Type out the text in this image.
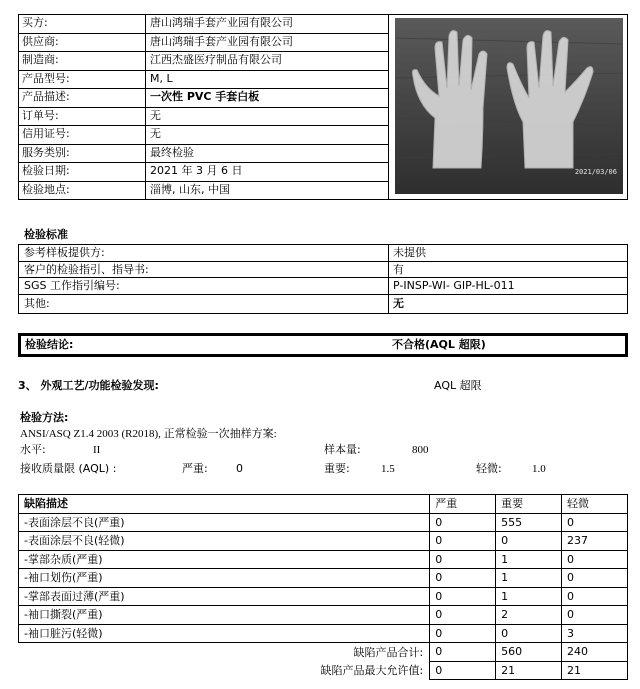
买方:	唐山鸿瑞手套产业园有限公司
供应商:	唐山鸿瑞手套产业园有限公司
制造商:	江西杰盛医疗制品有限公司
产品型号:	M, L
产品描述:	一次性 PVC 手套白板
订单号:	无
信用证号:	无
服务类别:	最终检验
检验日期:	2021 年 3 月 6 日
检验地点:	淄博, 山东, 中国
2021/03/06
检验标准
参考样板提供方:	未提供
客户的检验指引、指导书:	有
SGS 工作指引编号:	P-INSP-WI- GIP-HL-011
其他:	无
检验结论:	不合格(AQL 超限)
3、 外观工艺/功能检验发现:	AQL 超限
检验方法:
ANSI/ASQ Z1.4 2003 (R2018), 正常检验一次抽样方案:
水平:	II	样本量:	800
接收质量限 (AQL) :	严重:	0	重要:	1.5	轻微:	1.0
缺陷描述	严重	重要	轻微
-表面涂层不良(严重)	0	555	0
-表面涂层不良(轻微)	0	0	237
-掌部杂质(严重)	0	1	0
-袖口划伤(严重)	0	1	0
-掌部表面过薄(严重)	0	1	0
-袖口撕裂(严重)	0	2	0
-袖口脏污(轻微)	0	0	3
缺陷产品合计:	0	560	240
缺陷产品最大允许值:	0	21	21
